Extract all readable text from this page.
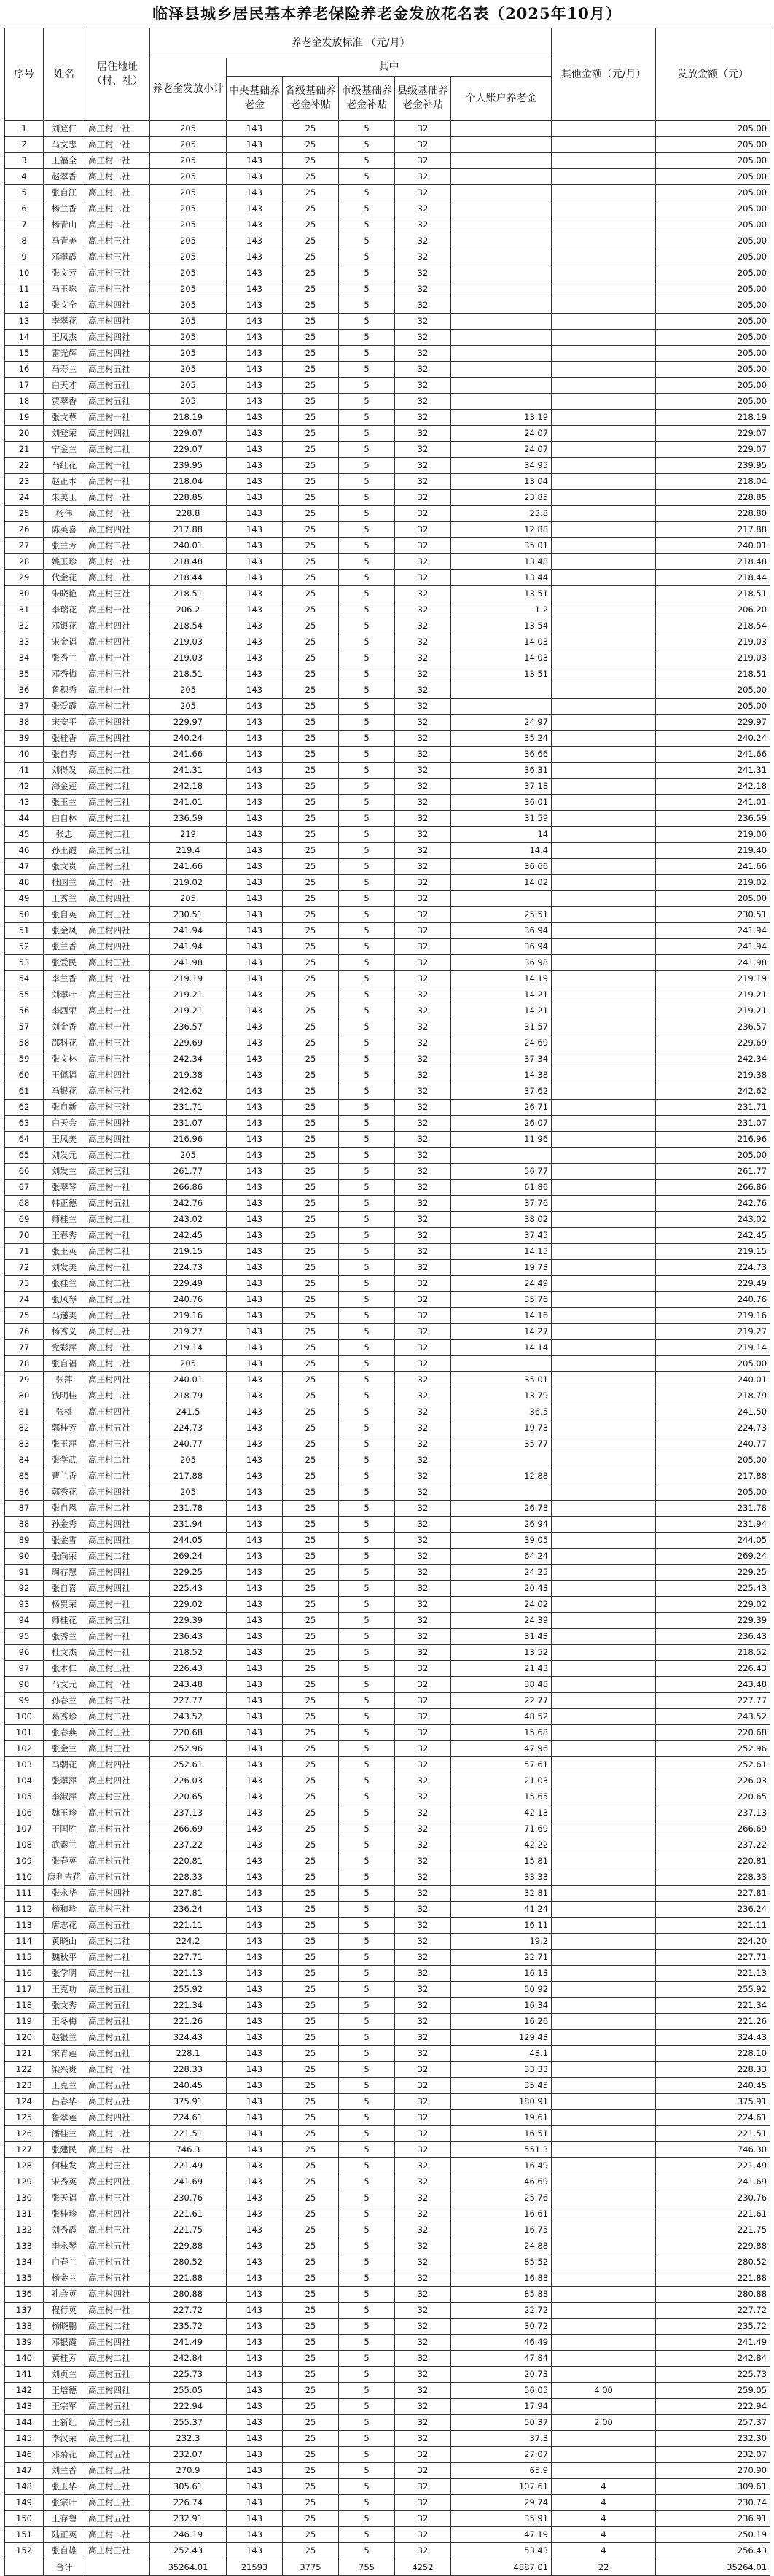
临泽县城乡居民基本养老保险养老金发放花名表（2025年10月）
序号	姓名	居住地址（村、社）	养老金发放标准 （元/月）						其他金额（元/月）	发放金额（元）
			养老金发放小计	其中						
				中央基础养老金	省级基础养老金补贴	市级基础养老金补贴	县级基础养老金补贴	个人账户养老金		
1	刘登仁	高庄村一社	205	143	25	5	32			205.00
2	马文忠	高庄村一社	205	143	25	5	32			205.00
3	王福全	高庄村一社	205	143	25	5	32			205.00
4	赵翠香	高庄村二社	205	143	25	5	32			205.00
5	张自江	高庄村二社	205	143	25	5	32			205.00
6	杨兰香	高庄村二社	205	143	25	5	32			205.00
7	杨青山	高庄村二社	205	143	25	5	32			205.00
8	马青美	高庄村三社	205	143	25	5	32			205.00
9	邓翠霞	高庄村三社	205	143	25	5	32			205.00
10	张文芳	高庄村三社	205	143	25	5	32			205.00
11	马玉珠	高庄村三社	205	143	25	5	32			205.00
12	张文全	高庄村四社	205	143	25	5	32			205.00
13	李翠花	高庄村四社	205	143	25	5	32			205.00
14	王凤杰	高庄村四社	205	143	25	5	32			205.00
15	雷光辉	高庄村四社	205	143	25	5	32			205.00
16	马寿兰	高庄村五社	205	143	25	5	32			205.00
17	白天才	高庄村五社	205	143	25	5	32			205.00
18	贾翠香	高庄村五社	205	143	25	5	32			205.00
19	张文尊	高庄村一社	218.19	143	25	5	32	13.19		218.19
20	刘登荣	高庄村四社	229.07	143	25	5	32	24.07		229.07
21	宁金兰	高庄村二社	229.07	143	25	5	32	24.07		229.07
22	马红花	高庄村一社	239.95	143	25	5	32	34.95		239.95
23	赵正本	高庄村一社	218.04	143	25	5	32	13.04		218.04
24	朱美玉	高庄村一社	228.85	143	25	5	32	23.85		228.85
25	杨伟	高庄村一社	228.8	143	25	5	32	23.8		228.80
26	陈英喜	高庄村四社	217.88	143	25	5	32	12.88		217.88
27	张兰芳	高庄村二社	240.01	143	25	5	32	35.01		240.01
28	姚玉珍	高庄村一社	218.48	143	25	5	32	13.48		218.48
29	代金花	高庄村二社	218.44	143	25	5	32	13.44		218.44
30	朱晓艳	高庄村三社	218.51	143	25	5	32	13.51		218.51
31	李瑞花	高庄村一社	206.2	143	25	5	32	1.2		206.20
32	邓银花	高庄村四社	218.54	143	25	5	32	13.54		218.54
33	宋金福	高庄村四社	219.03	143	25	5	32	14.03		219.03
34	张秀兰	高庄村一社	219.03	143	25	5	32	14.03		219.03
35	邓秀梅	高庄村三社	218.51	143	25	5	32	13.51		218.51
36	鲁积秀	高庄村一社	205	143	25	5	32			205.00
37	张爱霞	高庄村二社	205	143	25	5	32			205.00
38	宋安平	高庄村四社	229.97	143	25	5	32	24.97		229.97
39	张桂香	高庄村四社	240.24	143	25	5	32	35.24		240.24
40	张自秀	高庄村一社	241.66	143	25	5	32	36.66		241.66
41	刘得发	高庄村二社	241.31	143	25	5	32	36.31		241.31
42	海金莲	高庄村二社	242.18	143	25	5	32	37.18		242.18
43	张玉兰	高庄村三社	241.01	143	25	5	32	36.01		241.01
44	白自林	高庄村二社	236.59	143	25	5	32	31.59		236.59
45	张忠	高庄村二社	219	143	25	5	32	14		219.00
46	孙玉霞	高庄村三社	219.4	143	25	5	32	14.4		219.40
47	张文贵	高庄村三社	241.66	143	25	5	32	36.66		241.66
48	杜国兰	高庄村一社	219.02	143	25	5	32	14.02		219.02
49	王秀兰	高庄村四社	205	143	25	5	32			205.00
50	张自英	高庄村三社	230.51	143	25	5	32	25.51		230.51
51	张金凤	高庄村四社	241.94	143	25	5	32	36.94		241.94
52	张兰香	高庄村四社	241.94	143	25	5	32	36.94		241.94
53	张爱民	高庄村三社	241.98	143	25	5	32	36.98		241.98
54	李兰香	高庄村一社	219.19	143	25	5	32	14.19		219.19
55	刘翠叶	高庄村三社	219.21	143	25	5	32	14.21		219.21
56	李西荣	高庄村一社	219.21	143	25	5	32	14.21		219.21
57	刘金香	高庄村一社	236.57	143	25	5	32	31.57		236.57
58	邵科花	高庄村三社	229.69	143	25	5	32	24.69		229.69
59	张文林	高庄村三社	242.34	143	25	5	32	37.34		242.34
60	王佩福	高庄村四社	219.38	143	25	5	32	14.38		219.38
61	马银花	高庄村三社	242.62	143	25	5	32	37.62		242.62
62	张自新	高庄村三社	231.71	143	25	5	32	26.71		231.71
63	白天会	高庄村四社	231.07	143	25	5	32	26.07		231.07
64	王凤美	高庄村四社	216.96	143	25	5	32	11.96		216.96
65	刘发元	高庄村二社	205	143	25	5	32			205.00
66	刘发兰	高庄村三社	261.77	143	25	5	32	56.77		261.77
67	张翠琴	高庄村一社	266.86	143	25	5	32	61.86		266.86
68	韩正德	高庄村五社	242.76	143	25	5	32	37.76		242.76
69	师桂兰	高庄村二社	243.02	143	25	5	32	38.02		243.02
70	王春秀	高庄村一社	242.45	143	25	5	32	37.45		242.45
71	张玉英	高庄村二社	219.15	143	25	5	32	14.15		219.15
72	刘发美	高庄村一社	224.73	143	25	5	32	19.73		224.73
73	张桂兰	高庄村二社	229.49	143	25	5	32	24.49		229.49
74	张风琴	高庄村三社	240.76	143	25	5	32	35.76		240.76
75	马递美	高庄村三社	219.16	143	25	5	32	14.16		219.16
76	杨秀义	高庄村三社	219.27	143	25	5	32	14.27		219.27
77	党彩萍	高庄村一社	219.14	143	25	5	32	14.14		219.14
78	张自福	高庄村二社	205	143	25	5	32			205.00
79	张萍	高庄村四社	240.01	143	25	5	32	35.01		240.01
80	钱明桂	高庄村二社	218.79	143	25	5	32	13.79		218.79
81	张桃	高庄村四社	241.5	143	25	5	32	36.5		241.50
82	郭桂芳	高庄村五社	224.73	143	25	5	32	19.73		224.73
83	张玉萍	高庄村三社	240.77	143	25	5	32	35.77		240.77
84	张学武	高庄村二社	205	143	25	5	32			205.00
85	曹兰香	高庄村二社	217.88	143	25	5	32	12.88		217.88
86	郭秀花	高庄村四社	205	143	25	5	32			205.00
87	张自恩	高庄村二社	231.78	143	25	5	32	26.78		231.78
88	孙金秀	高庄村四社	231.94	143	25	5	32	26.94		231.94
89	张金雪	高庄村四社	244.05	143	25	5	32	39.05		244.05
90	张尚荣	高庄村二社	269.24	143	25	5	32	64.24		269.24
91	周存慧	高庄村四社	229.25	143	25	5	32	24.25		229.25
92	张自喜	高庄村四社	225.43	143	25	5	32	20.43		225.43
93	杨贵荣	高庄村一社	229.02	143	25	5	32	24.02		229.02
94	师桂花	高庄村三社	229.39	143	25	5	32	24.39		229.39
95	张秀兰	高庄村一社	236.43	143	25	5	32	31.43		236.43
96	杜文杰	高庄村一社	218.52	143	25	5	32	13.52		218.52
97	张本仁	高庄村三社	226.43	143	25	5	32	21.43		226.43
98	马文元	高庄村一社	243.48	143	25	5	32	38.48		243.48
99	孙春兰	高庄村二社	227.77	143	25	5	32	22.77		227.77
100	葛秀珍	高庄村二社	243.52	143	25	5	32	48.52		243.52
101	张春燕	高庄村三社	220.68	143	25	5	32	15.68		220.68
102	张金兰	高庄村三社	252.96	143	25	5	32	47.96		252.96
103	马朝花	高庄村四社	252.61	143	25	5	32	57.61		252.61
104	张翠萍	高庄村四社	226.03	143	25	5	32	21.03		226.03
105	李淑萍	高庄村三社	220.65	143	25	5	32	15.65		220.65
106	魏玉珍	高庄村五社	237.13	143	25	5	32	42.13		237.13
107	王国胜	高庄村五社	266.69	143	25	5	32	71.69		266.69
108	武素兰	高庄村五社	237.22	143	25	5	32	42.22		237.22
109	张春英	高庄村五社	220.81	143	25	5	32	15.81		220.81
110	康利吉花	高庄村五社	228.33	143	25	5	32	33.33		228.33
111	张永华	高庄村四社	227.81	143	25	5	32	32.81		227.81
112	杨和珍	高庄村三社	236.24	143	25	5	32	41.24		236.24
113	唐志花	高庄村五社	221.11	143	25	5	32	16.11		221.11
114	黄晓山	高庄村二社	224.2	143	25	5	32	19.2		224.20
115	魏秋平	高庄村二社	227.71	143	25	5	32	22.71		227.71
116	张学明	高庄村一社	221.13	143	25	5	32	16.13		221.13
117	王克功	高庄村五社	255.92	143	25	5	32	50.92		255.92
118	张文秀	高庄村五社	221.34	143	25	5	32	16.34		221.34
119	王冬梅	高庄村五社	221.26	143	25	5	32	16.26		221.26
120	赵银兰	高庄村五社	324.43	143	25	5	32	129.43		324.43
121	宋青莲	高庄村五社	228.1	143	25	5	32	43.1		228.10
122	梁兴贵	高庄村一社	228.33	143	25	5	32	33.33		228.33
123	王克兰	高庄村五社	240.45	143	25	5	32	35.45		240.45
124	吕春华	高庄村五社	375.91	143	25	5	32	180.91		375.91
125	鲁翠莲	高庄村四社	224.61	143	25	5	32	19.61		224.61
126	潘桂兰	高庄村二社	221.51	143	25	5	32	16.51		221.51
127	张建民	高庄村二社	746.3	143	25	5	32	551.3		746.30
128	何桂发	高庄村三社	221.49	143	25	5	32	16.49		221.49
129	宋秀英	高庄村四社	241.69	143	25	5	32	46.69		241.69
130	张天福	高庄村三社	230.76	143	25	5	32	25.76		230.76
131	张桂珍	高庄村四社	221.61	143	25	5	32	16.61		221.61
132	刘秀霞	高庄村三社	221.75	143	25	5	32	16.75		221.75
133	李永琴	高庄村五社	229.88	143	25	5	32	24.88		229.88
134	白春兰	高庄村五社	280.52	143	25	5	32	85.52		280.52
135	杨金兰	高庄村五社	221.88	143	25	5	32	16.88		221.88
136	孔会英	高庄村四社	280.88	143	25	5	32	85.88		280.88
137	程行英	高庄村一社	227.72	143	25	5	32	22.72		227.72
138	杨晓鹏	高庄村二社	235.72	143	25	5	32	30.72		235.72
139	邓银霞	高庄村四社	241.49	143	25	5	32	46.49		241.49
140	黄桂芳	高庄村二社	242.84	143	25	5	32	47.84		242.84
141	刘贞兰	高庄村五社	225.73	143	25	5	32	20.73		225.73
142	王培德	高庄村四社	255.05	143	25	5	32	56.05	4.00	259.05
143	王宗军	高庄村五社	222.94	143	25	5	32	17.94		222.94
144	王新红	高庄村三社	255.37	143	25	5	32	50.37	2.00	257.37
145	李汉荣	高庄村二社	232.3	143	25	5	32	37.3		232.30
146	邓菊花	高庄村五社	232.07	143	25	5	32	27.07		232.07
147	刘兰香	高庄村三社	270.9	143	25	5	32	65.9		270.90
148	张玉华	高庄村三社	305.61	143	25	5	32	107.61	4	309.61
149	张宗叶	高庄村三社	226.74	143	25	5	32	29.74	4	230.74
150	王存碧	高庄村五社	232.91	143	25	5	32	35.91	4	236.91
151	陆正英	高庄村二社	246.19	143	25	5	32	47.19	4	250.19
152	张自雄	高庄村三社	252.43	143	25	5	32	53.43	4	256.43
	合计		35264.01	21593	3775	755	4252	4887.01	22	35264.01
